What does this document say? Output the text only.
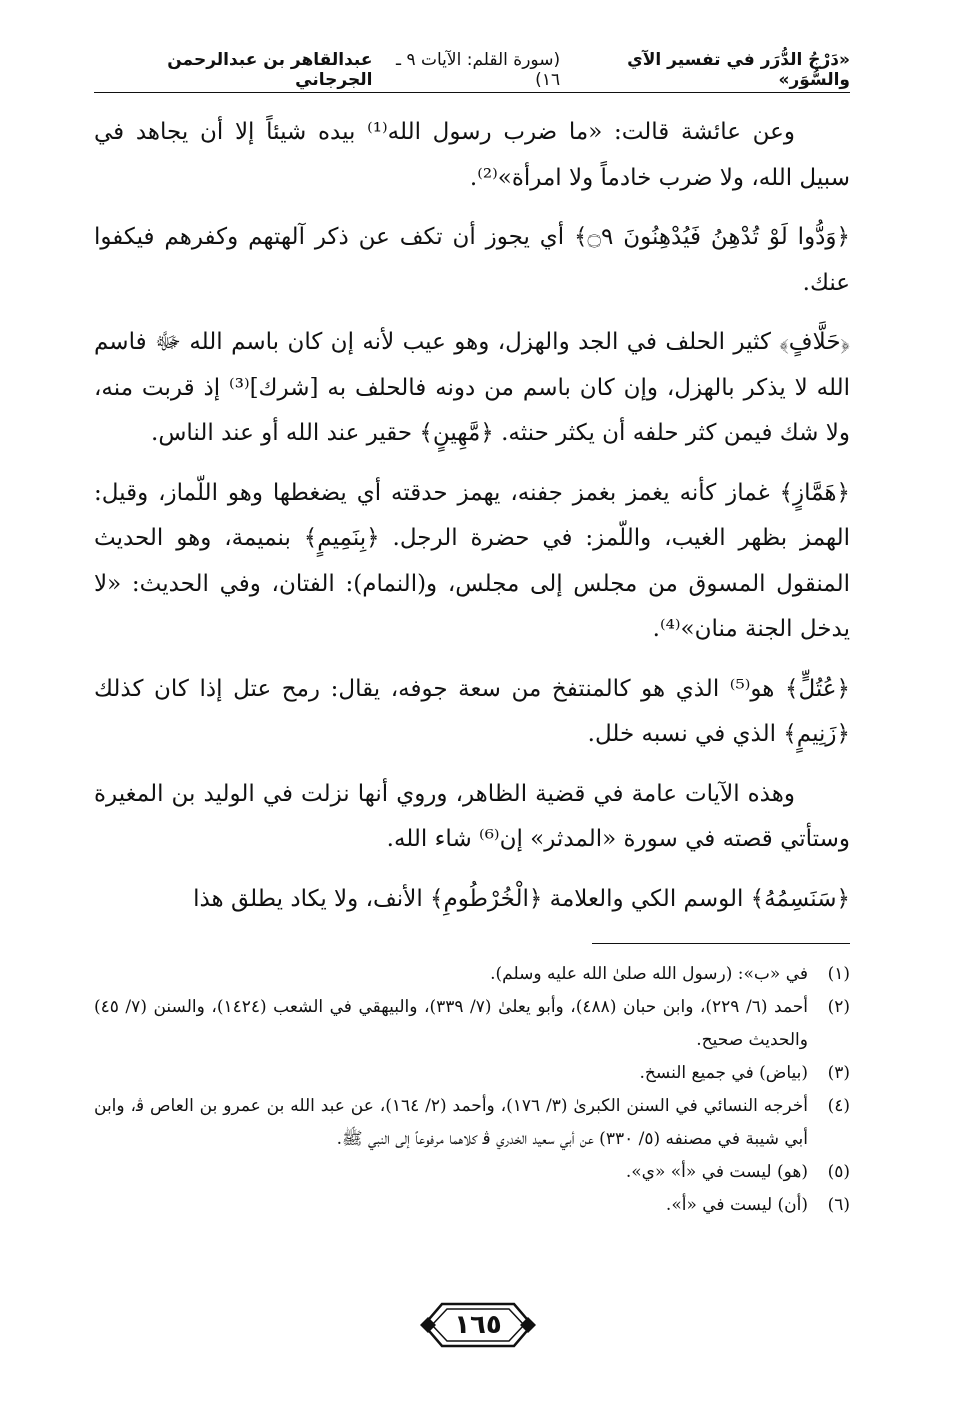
«دَرْجُ الدُّرَر في تفسير الآي والسُّوَر»
(سورة القلم: الآيات ٩ ـ ١٦)
عبدالقاهر بن عبدالرحمن الجرجاني

وعن عائشة قالت: «ما ضرب رسول الله⁽¹⁾ بيده شيئاً إلا أن يجاهد في سبيل الله، ولا ضرب خادماً ولا امرأة»⁽²⁾.

﴿وَدُّوا لَوْ تُدْهِنُ فَيُدْهِنُونَ ۝٩﴾ أي يجوز أن تكف عن ذكر آلهتهم وكفرهم فيكفوا عنك.

﴿حَلَّافٍ﴾ كثير الحلف في الجد والهزل، وهو عيب لأنه إن كان باسم الله ﷻ فاسم الله لا يذكر بالهزل، وإن كان باسم من دونه فالحلف به [شرك]⁽³⁾ إذ قربت منه، ولا شك فيمن كثر حلفه أن يكثر حنثه. ﴿مَّهِينٍ﴾ حقير عند الله أو عند الناس.

﴿هَمَّازٍ﴾ غماز كأنه يغمز بغمز جفنه، يهمز حدقته أي يضغطها وهو اللّماز، وقيل: الهمز بظهر الغيب، واللّمز: في حضرة الرجل. ﴿بِنَمِيمٍ﴾ بنميمة، وهو الحديث المنقول المسوق من مجلس إلى مجلس، و(النمام): الفتان، وفي الحديث: «لا يدخل الجنة منان»⁽⁴⁾.

﴿عُتُلٍّ﴾ هو⁽⁵⁾ الذي هو كالمنتفخ من سعة جوفه، يقال: رمح عتل إذا كان كذلك ﴿زَنِيمٍ﴾ الذي في نسبه خلل.

وهذه الآيات عامة في قضية الظاهر، وروي أنها نزلت في الوليد بن المغيرة وستأتي قصته في سورة «المدثر» إن⁽⁶⁾ شاء الله.

﴿سَنَسِمُهُ﴾ الوسم الكي والعلامة ﴿الْخُرْطُومِ﴾ الأنف، ولا يكاد يطلق هذا

(١)
في «ب»: (رسول الله صلىٰ الله عليه وسلم).
(٢)
أحمد (٦/ ٢٢٩)، وابن حبان (٤٨٨)، وأبو يعلىٰ (٧/ ٣٣٩)، والبيهقي في الشعب (١٤٢٤)، والسنن (٧/ ٤٥) والحديث صحيح.
(٣)
(بياض) في جميع النسخ.
(٤)
أخرجه النسائي في السنن الكبرىٰ (٣/ ١٧٦)، وأحمد (٢/ ١٦٤)، عن عبد الله بن عمرو بن العاص ﭬ، وابن أبي شيبة في مصنفه (٥/ ٣٣٠) عن أبي سعيد الخدري ﭬ كلاهما مرفوعاً إلى النبي ﷺ.
(٥)
(هو) ليست في «أ» «ي».
(٦)
(أن) ليست في «أ».
١٦٥
